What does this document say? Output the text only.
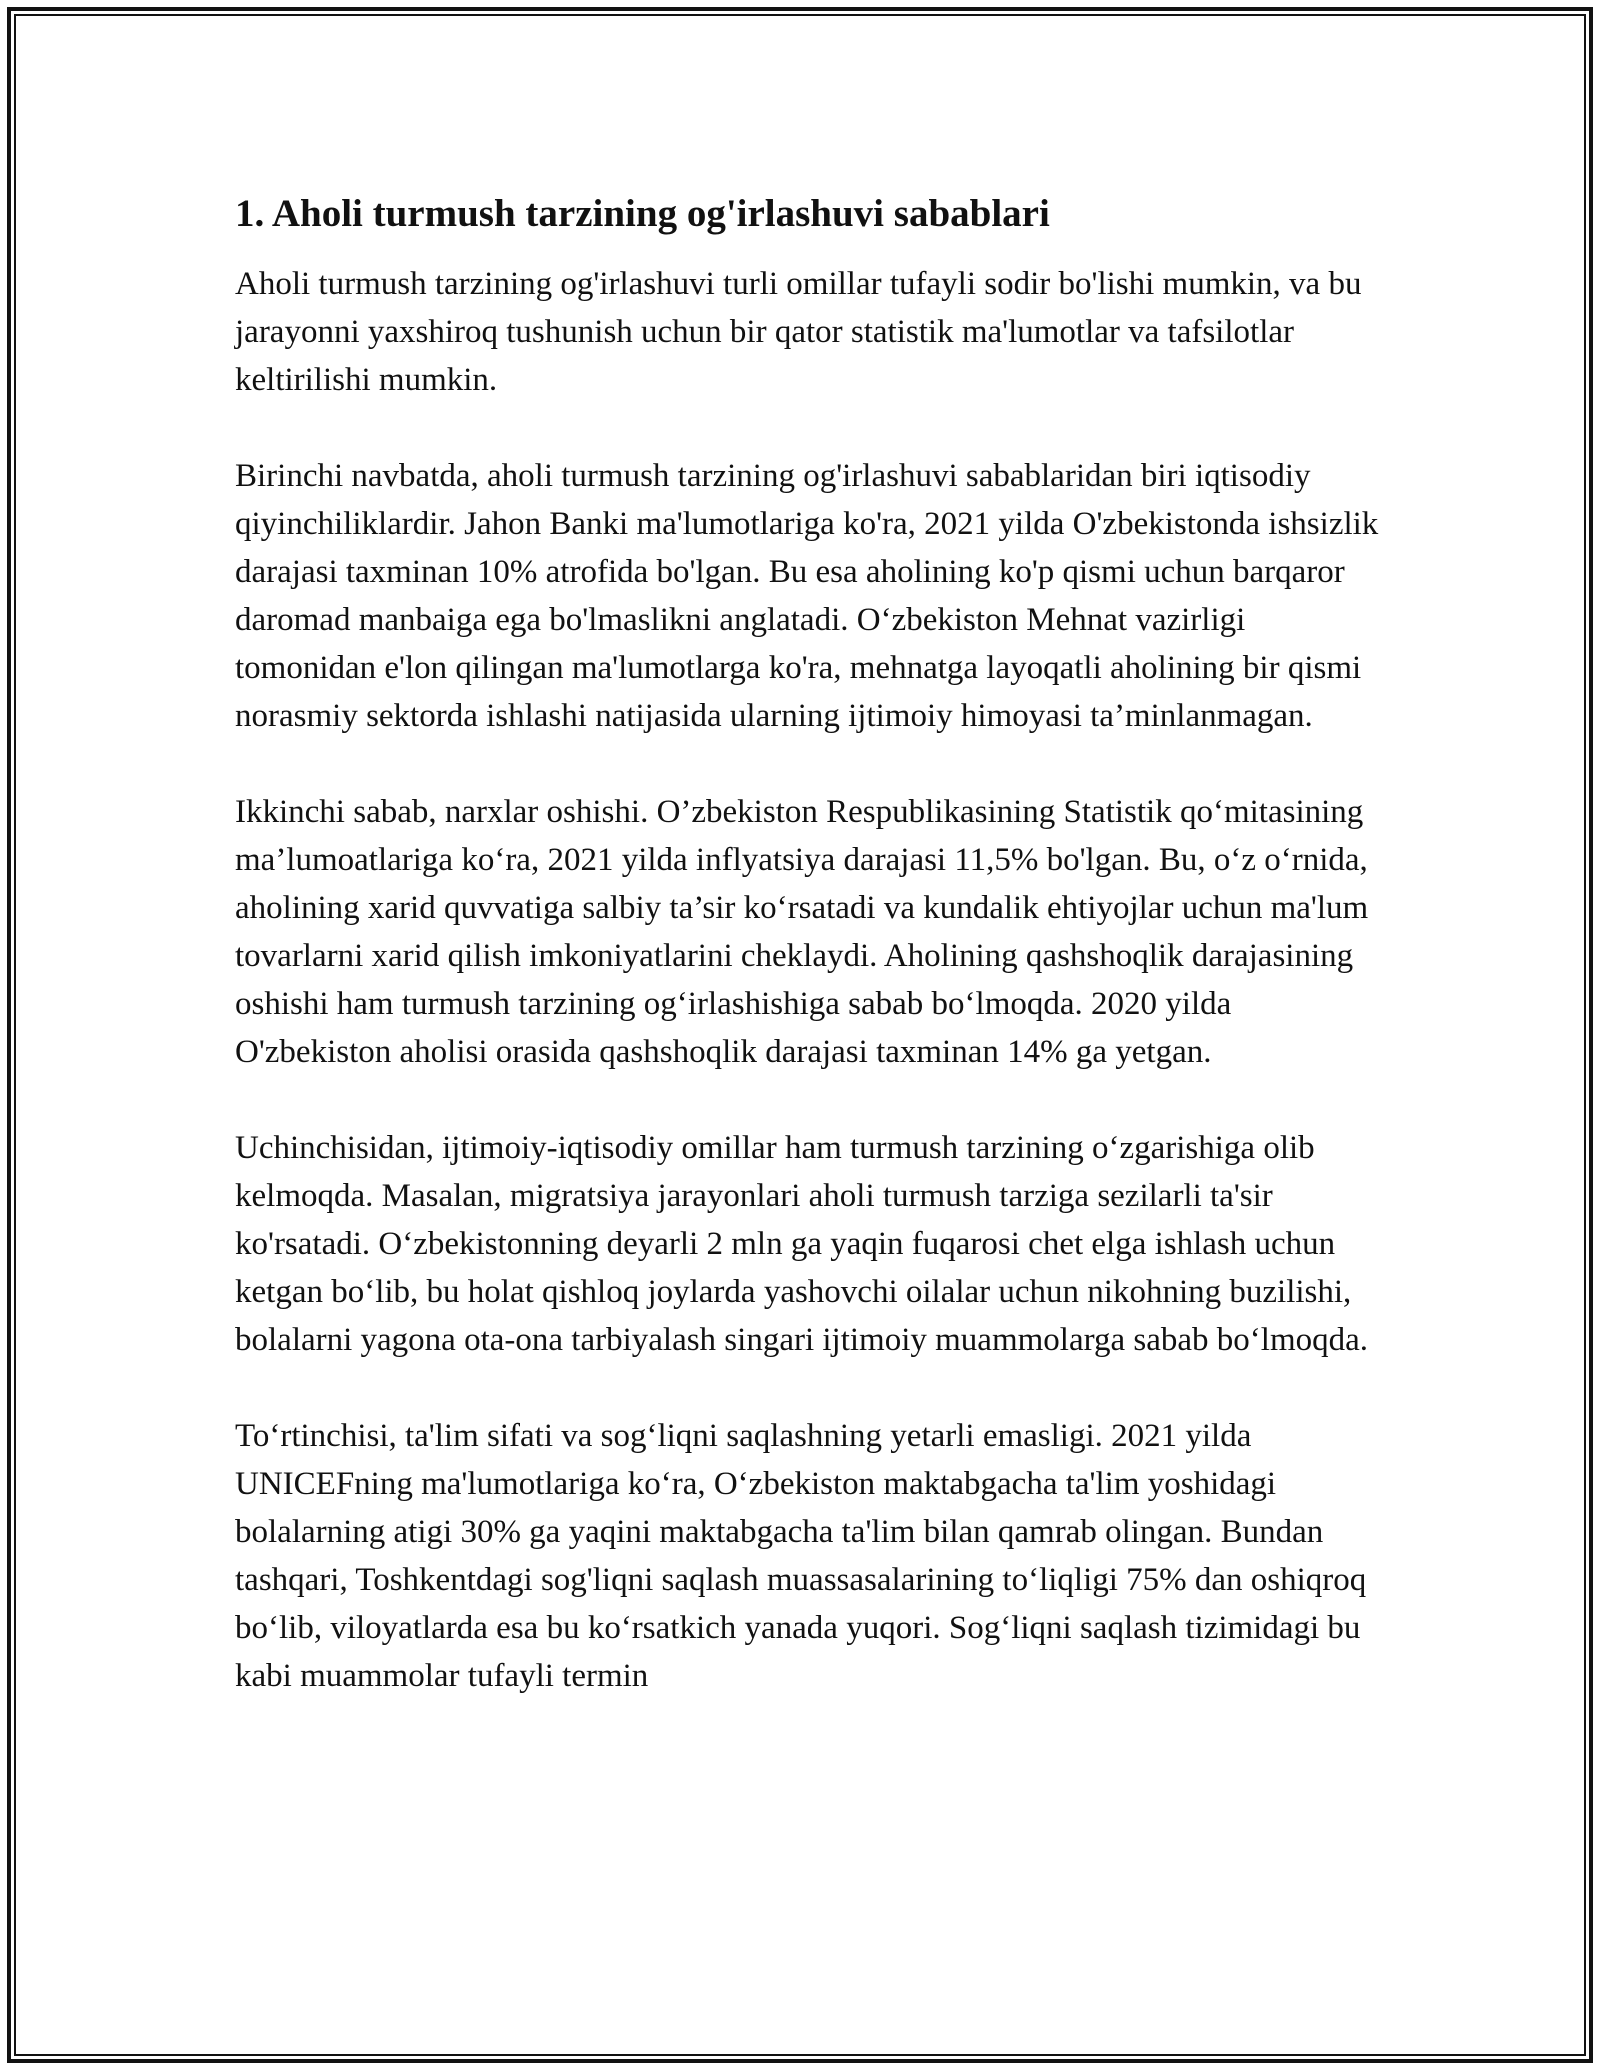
1. Aholi turmush tarzining og'irlashuvi sabablari

Aholi turmush tarzining og'irlashuvi turli omillar tufayli sodir bo'lishi mumkin, va bu jarayonni yaxshiroq tushunish uchun bir qator statistik ma'lumotlar va tafsilotlar keltirilishi mumkin.

Birinchi navbatda, aholi turmush tarzining og'irlashuvi sabablaridan biri iqtisodiy qiyinchiliklardir. Jahon Banki ma'lumotlariga ko'ra, 2021 yilda O'zbekistonda ishsizlik darajasi taxminan 10% atrofida bo'lgan. Bu esa aholining ko'p qismi uchun barqaror daromad manbaiga ega bo'lmaslikni anglatadi. O‘zbekiston Mehnat vazirligi tomonidan e'lon qilingan ma'lumotlarga ko'ra, mehnatga layoqatli aholining bir qismi norasmiy sektorda ishlashi natijasida ularning ijtimoiy himoyasi ta’minlanmagan.

Ikkinchi sabab, narxlar oshishi. O’zbekiston Respublikasining Statistik qo‘mitasining ma’lumoatlariga ko‘ra, 2021 yilda inflyatsiya darajasi 11,5% bo'lgan. Bu, o‘z o‘rnida, aholining xarid quvvatiga salbiy ta’sir ko‘rsatadi va kundalik ehtiyojlar uchun ma'lum tovarlarni xarid qilish imkoniyatlarini cheklaydi. Aholining qashshoqlik darajasining oshishi ham turmush tarzining og‘irlashishiga sabab bo‘lmoqda. 2020 yilda O'zbekiston aholisi orasida qashshoqlik darajasi taxminan 14% ga yetgan.

Uchinchisidan, ijtimoiy-iqtisodiy omillar ham turmush tarzining o‘zgarishiga olib kelmoqda. Masalan, migratsiya jarayonlari aholi turmush tarziga sezilarli ta'sir ko'rsatadi. O‘zbekistonning deyarli 2 mln ga yaqin fuqarosi chet elga ishlash uchun ketgan bo‘lib, bu holat qishloq joylarda yashovchi oilalar uchun nikohning buzilishi, bolalarni yagona ota-ona tarbiyalash singari ijtimoiy muammolarga sabab bo‘lmoqda.

To‘rtinchisi, ta'lim sifati va sog‘liqni saqlashning yetarli emasligi. 2021 yilda UNICEFning ma'lumotlariga ko‘ra, O‘zbekiston maktabgacha ta'lim yoshidagi bolalarning atigi 30% ga yaqini maktabgacha ta'lim bilan qamrab olingan. Bundan tashqari, Toshkentdagi sog'liqni saqlash muassasalarining to‘liqligi 75% dan oshiqroq bo‘lib, viloyatlarda esa bu ko‘rsatkich yanada yuqori. Sog‘liqni saqlash tizimidagi bu kabi muammolar tufayli termin
